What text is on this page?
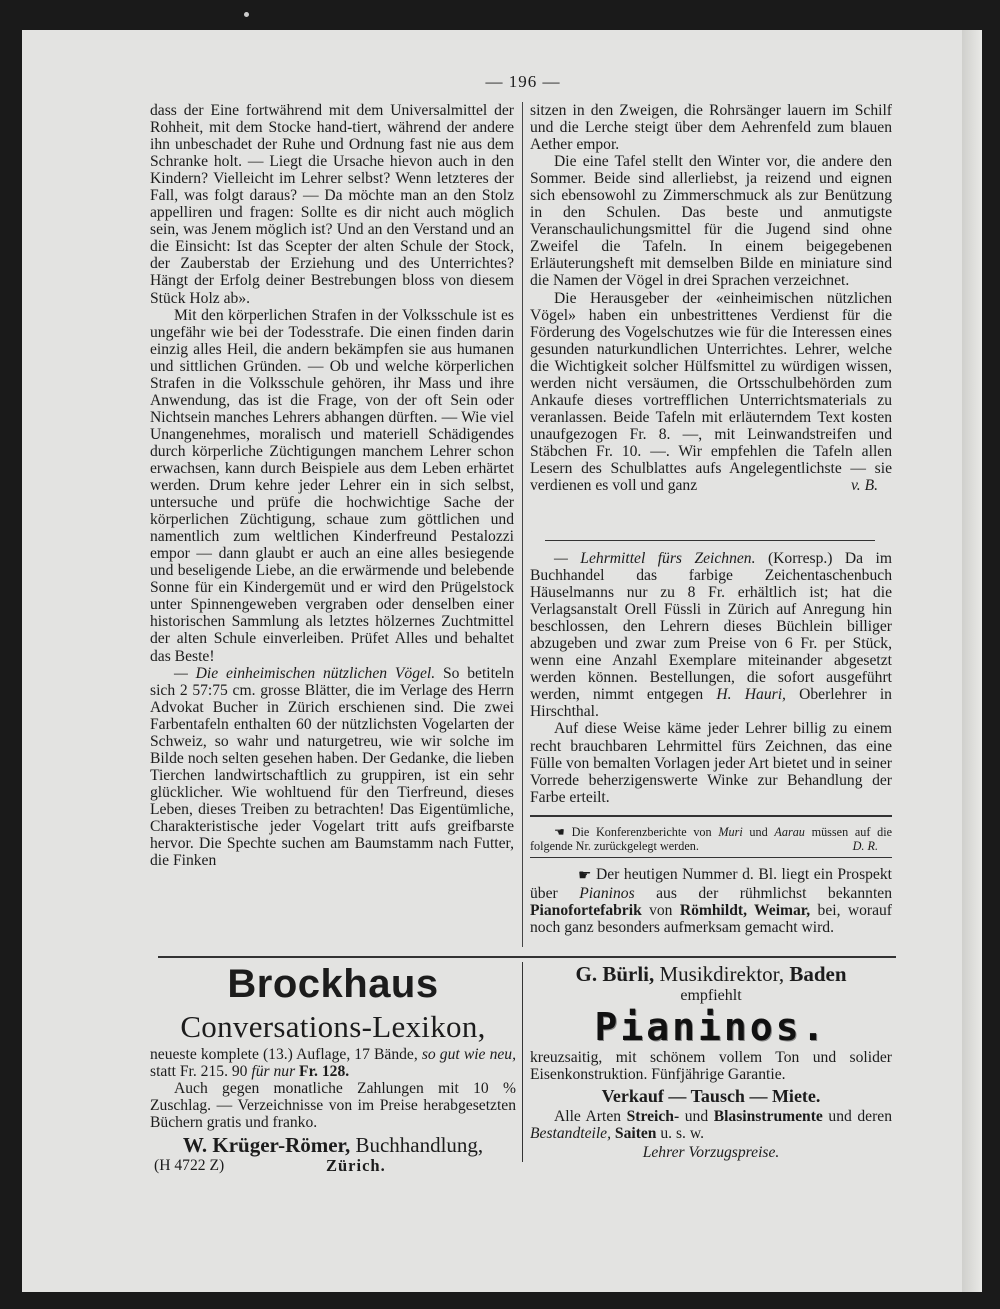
— 196 —

dass der Eine fortwährend mit dem Universalmittel der Rohheit, mit dem Stocke hand-tiert, während der andere ihn unbeschadet der Ruhe und Ordnung fast nie aus dem Schranke holt. — Liegt die Ursache hievon auch in den Kindern? Vielleicht im Lehrer selbst? Wenn letzteres der Fall, was folgt daraus? — Da möchte man an den Stolz appelliren und fragen: Sollte es dir nicht auch möglich sein, was Jenem möglich ist? Und an den Verstand und an die Einsicht: Ist das Scepter der alten Schule der Stock, der Zauberstab der Erziehung und des Unterrichtes? Hängt der Erfolg deiner Bestrebungen bloss von diesem Stück Holz ab».

Mit den körperlichen Strafen in der Volksschule ist es ungefähr wie bei der Todesstrafe. Die einen finden darin einzig alles Heil, die andern bekämpfen sie aus humanen und sittlichen Gründen. — Ob und welche körperlichen Strafen in die Volksschule gehören, ihr Mass und ihre Anwendung, das ist die Frage, von der oft Sein oder Nichtsein manches Lehrers abhangen dürften. — Wie viel Unangenehmes, moralisch und materiell Schädigendes durch körperliche Züchtigungen manchem Lehrer schon erwachsen, kann durch Beispiele aus dem Leben erhärtet werden. Drum kehre jeder Lehrer ein in sich selbst, untersuche und prüfe die hochwichtige Sache der körperlichen Züchtigung, schaue zum göttlichen und namentlich zum weltlichen Kinderfreund Pestalozzi empor — dann glaubt er auch an eine alles besiegende und beseligende Liebe, an die erwärmende und belebende Sonne für ein Kindergemüt und er wird den Prügelstock unter Spinnengeweben vergraben oder denselben einer historischen Sammlung als letztes hölzernes Zuchtmittel der alten Schule einverleiben. Prüfet Alles und behaltet das Beste!

— Die einheimischen nützlichen Vögel. So betiteln sich 2 57:75 cm. grosse Blätter, die im Verlage des Herrn Advokat Bucher in Zürich erschienen sind. Die zwei Farbentafeln enthalten 60 der nützlichsten Vogelarten der Schweiz, so wahr und naturgetreu, wie wir solche im Bilde noch selten gesehen haben. Der Gedanke, die lieben Tierchen landwirtschaftlich zu gruppiren, ist ein sehr glücklicher. Wie wohltuend für den Tierfreund, dieses Leben, dieses Treiben zu betrachten! Das Eigentümliche, Charakteristische jeder Vogelart tritt aufs greifbarste hervor. Die Spechte suchen am Baumstamm nach Futter, die Finken

sitzen in den Zweigen, die Rohrsänger lauern im Schilf und die Lerche steigt über dem Aehrenfeld zum blauen Aether empor.

Die eine Tafel stellt den Winter vor, die andere den Sommer. Beide sind allerliebst, ja reizend und eignen sich ebensowohl zu Zimmerschmuck als zur Benützung in den Schulen. Das beste und anmutigste Veranschaulichungsmittel für die Jugend sind ohne Zweifel die Tafeln. In einem beigegebenen Erläuterungsheft mit demselben Bilde en miniature sind die Namen der Vögel in drei Sprachen verzeichnet.

Die Herausgeber der «einheimischen nützlichen Vögel» haben ein unbestrittenes Verdienst für die Förderung des Vogelschutzes wie für die Interessen eines gesunden naturkundlichen Unterrichtes. Lehrer, welche die Wichtigkeit solcher Hülfsmittel zu würdigen wissen, werden nicht versäumen, die Ortsschulbehörden zum Ankaufe dieses vortrefflichen Unterrichtsmaterials zu veranlassen. Beide Tafeln mit erläuterndem Text kosten unaufgezogen Fr. 8. —, mit Leinwandstreifen und Stäbchen Fr. 10. —. Wir empfehlen die Tafeln allen Lesern des Schulblattes aufs Angelegentlichste — sie verdienen es voll und ganz	v. B.

— Lehrmittel fürs Zeichnen. (Korresp.) Da im Buchhandel das farbige Zeichentaschenbuch Häuselmanns nur zu 8 Fr. erhältlich ist; hat die Verlagsanstalt Orell Füssli in Zürich auf Anregung hin beschlossen, den Lehrern dieses Büchlein billiger abzugeben und zwar zum Preise von 6 Fr. per Stück, wenn eine Anzahl Exemplare miteinander abgesetzt werden können. Bestellungen, die sofort ausgeführt werden, nimmt entgegen H. Hauri, Oberlehrer in Hirschthal.

Auf diese Weise käme jeder Lehrer billig zu einem recht brauchbaren Lehrmittel fürs Zeichnen, das eine Fülle von bemalten Vorlagen jeder Art bietet und in seiner Vorrede beherzigenswerte Winke zur Behandlung der Farbe erteilt.

☚ Die Konferenzberichte von Muri und Aarau müssen auf die folgende Nr. zurückgelegt werden.	D. R.

☛ Der heutigen Nummer d. Bl. liegt ein Prospekt über Pianinos aus der rühmlichst bekannten Pianofortefabrik von Römhildt, Weimar, bei, worauf noch ganz besonders aufmerksam gemacht wird.

Brockhaus
Conversations-Lexikon,

neueste komplete (13.) Auflage, 17 Bände, so gut wie neu, statt Fr. 215. 90 für nur Fr. 128.

Auch gegen monatliche Zahlungen mit 10 % Zuschlag. — Verzeichnisse von im Preise herabgesetzten Büchern gratis und franko.

W. Krüger-Römer, Buchhandlung,
(H 4722 Z)	Zürich.
G. Bürli, Musikdirektor, Baden
empfiehlt
Pianinos.

kreuzsaitig, mit schönem vollem Ton und solider Eisenkonstruktion. Fünfjährige Garantie.

Verkauf — Tausch — Miete.

Alle Arten Streich- und Blasinstrumente und deren Bestandteile, Saiten u. s. w.

Lehrer Vorzugspreise.
